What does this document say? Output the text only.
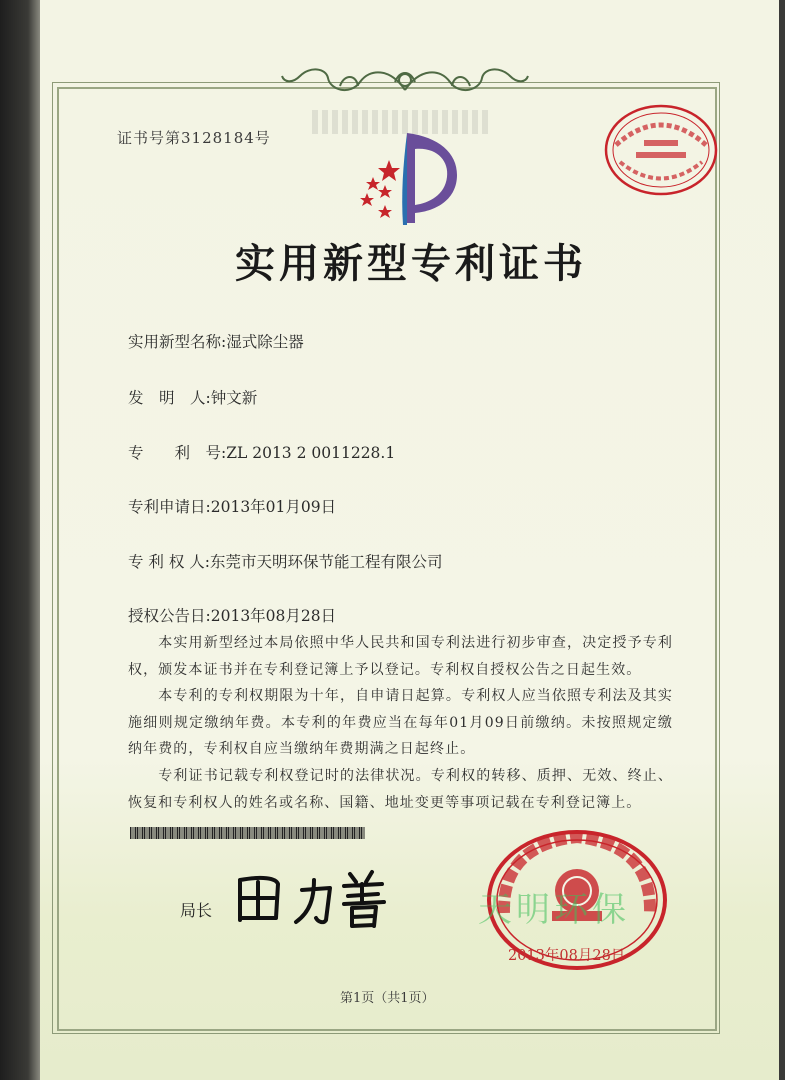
证书号第3128184号
实用新型专利证书
实用新型名称:湿式除尘器
发　明　人:钟文新
专　　利　号:ZL 2013 2 0011228.1
专利申请日:2013年01月09日
专 利 权 人:东莞市天明环保节能工程有限公司
授权公告日:2013年08月28日
　　本实用新型经过本局依照中华人民共和国专利法进行初步审查，决定授予专利权，颁发本证书并在专利登记簿上予以登记。专利权自授权公告之日起生效。
　　本专利的专利权期限为十年，自申请日起算。专利权人应当依照专利法及其实施细则规定缴纳年费。本专利的年费应当在每年01月09日前缴纳。未按照规定缴纳年费的，专利权自应当缴纳年费期满之日起终止。
　　专利证书记载专利权登记时的法律状况。专利权的转移、质押、无效、终止、恢复和专利权人的姓名或名称、国籍、地址变更等事项记载在专利登记簿上。
局长	天明环保
2013年08月28日
第1页（共1页）
